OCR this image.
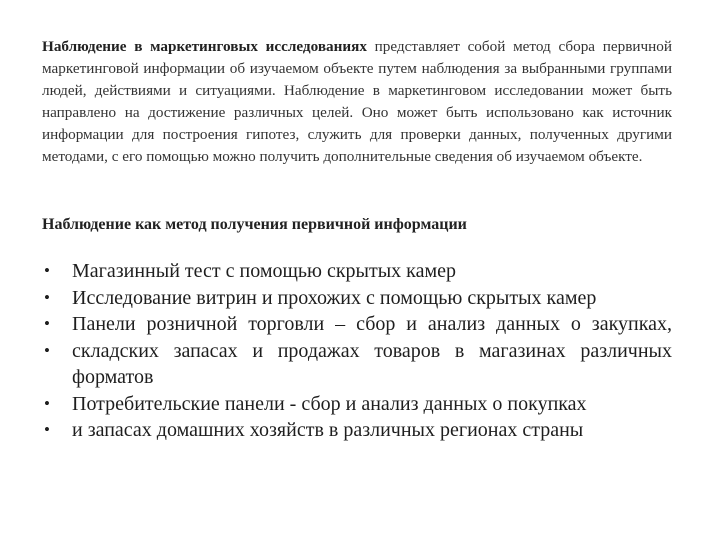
Наблюдение в маркетинговых исследованиях представляет собой метод сбора первичной маркетинговой информации об изучаемом объекте путем наблюдения за выбранными группами людей, действиями и ситуациями. Наблюдение в маркетинговом исследовании может быть направлено на достижение различных целей. Оно может быть использовано как источник информации для построения гипотез, служить для проверки данных, полученных другими методами, с его помощью можно получить дополнительные сведения об изучаемом объекте.

Наблюдение как метод получения первичной информации

• Магазинный тест с помощью скрытых камер
• Исследование витрин и прохожих с помощью скрытых камер
• Панели розничной торговли – сбор и анализ данных о закупках,
• складских запасах и продажах товаров в магазинах различных форматов
• Потребительские панели - сбор и анализ данных о покупках
• и запасах домашних хозяйств в различных регионах страны
